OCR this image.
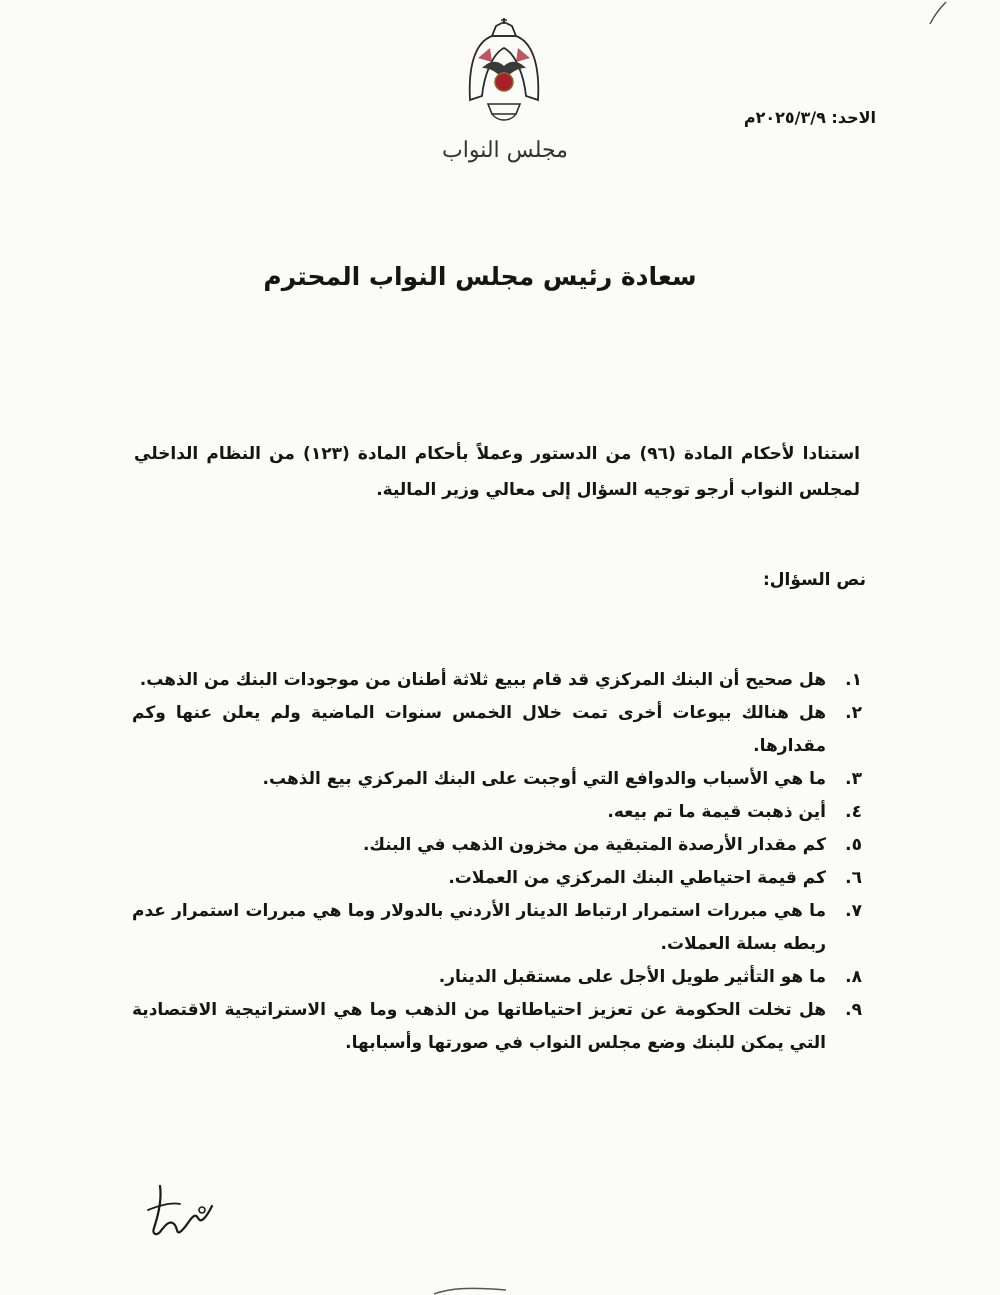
مجلس النواب
الاحد: ٢٠٢٥/٣/٩م
سعادة رئيس مجلس النواب المحترم
استنادا لأحكام المادة (٩٦) من الدستور وعملاً بأحكام المادة (١٢٣) من النظام الداخلي لمجلس النواب أرجو توجيه السؤال إلى معالي وزير المالية.
نص السؤال:
١.
هل صحيح أن البنك المركزي قد قام ببيع ثلاثة أطنان من موجودات البنك من الذهب.
٢.
هل هنالك بيوعات أخرى تمت خلال الخمس سنوات الماضية ولم يعلن عنها وكم مقدارها.
٣.
ما هي الأسباب والدوافع التي أوجبت على البنك المركزي بيع الذهب.
٤.
أين ذهبت قيمة ما تم بيعه.
٥.
كم مقدار الأرصدة المتبقية من مخزون الذهب في البنك.
٦.
كم قيمة احتياطي البنك المركزي من العملات.
٧.
ما هي مبررات استمرار ارتباط الدينار الأردني بالدولار وما هي مبررات استمرار عدم ربطه بسلة العملات.
٨.
ما هو التأثير طويل الأجل على مستقبل الدينار.
٩.
هل تخلت الحكومة عن تعزيز احتياطاتها من الذهب وما هي الاستراتيجية الاقتصادية التي يمكن للبنك وضع مجلس النواب في صورتها وأسبابها.
